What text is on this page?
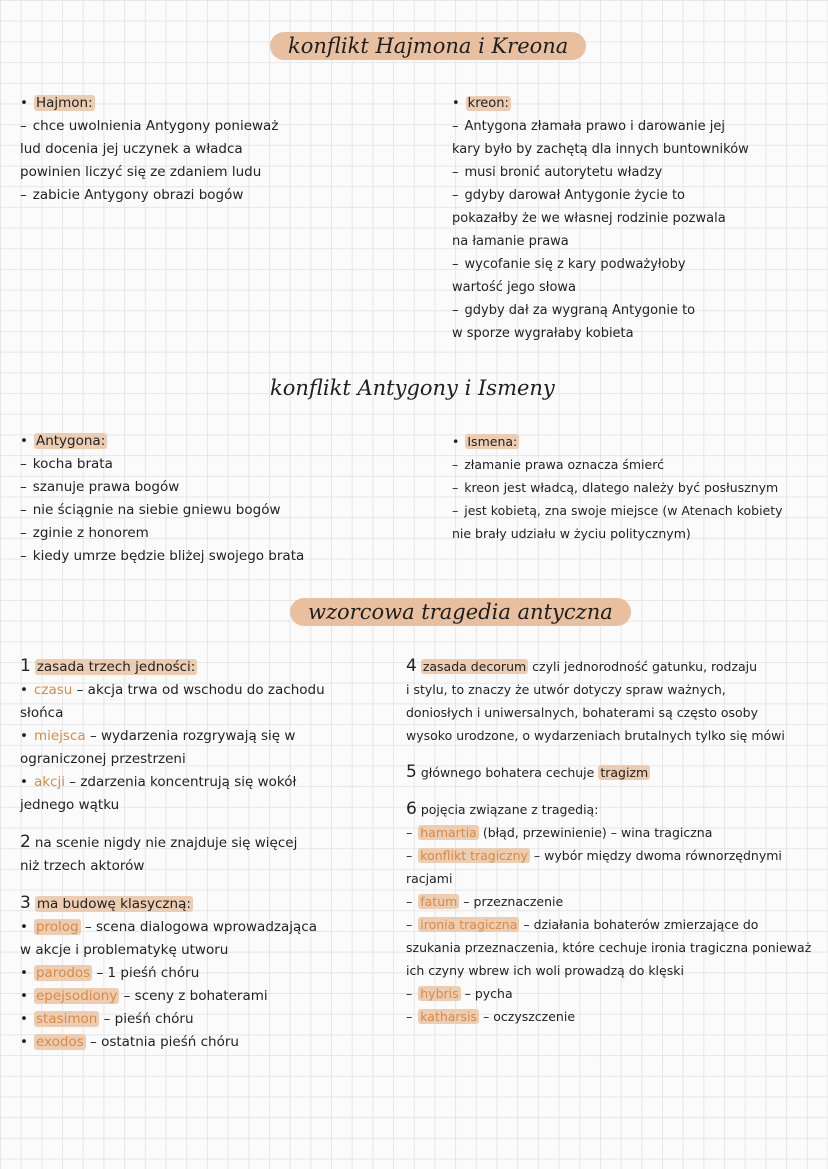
konflikt Hajmona i Kreona
konflikt Antygony i Ismeny
wzorcowa tragedia antyczna
• Hajmon:
– chce uwolnienia Antygony ponieważ
lud docenia jej uczynek a władca
powinien liczyć się ze zdaniem ludu
– zabicie Antygony obrazi bogów
• kreon:
– Antygona złamała prawo i darowanie jej
kary było by zachętą dla innych buntowników
– musi bronić autorytetu władzy
– gdyby darował Antygonie życie to
pokazałby że we własnej rodzinie pozwala
na łamanie prawa
– wycofanie się z kary podważyłoby
wartość jego słowa
– gdyby dał za wygraną Antygonie to
w sporze wygrałaby kobieta
• Antygona:
– kocha brata
– szanuje prawa bogów
– nie ściągnie na siebie gniewu bogów
– zginie z honorem
– kiedy umrze będzie bliżej swojego brata
• Ismena:
– złamanie prawa oznacza śmierć
– kreon jest władcą, dlatego należy być posłusznym
– jest kobietą, zna swoje miejsce (w Atenach kobiety
nie brały udziału w życiu politycznym)
1 zasada trzech jedności:
• czasu – akcja trwa od wschodu do zachodu
słońca
• miejsca – wydarzenia rozgrywają się w
ograniczonej przestrzeni
• akcji – zdarzenia koncentrują się wokół
jednego wątku
2 na scenie nigdy nie znajduje się więcej
niż trzech aktorów
3 ma budowę klasyczną:
• prolog – scena dialogowa wprowadzająca
w akcje i problematykę utworu
• parodos – 1 pieśń chóru
• epejsodiony – sceny z bohaterami
• stasimon – pieśń chóru
• exodos – ostatnia pieśń chóru
4 zasada decorum czyli jednorodność gatunku, rodzaju
i stylu, to znaczy że utwór dotyczy spraw ważnych,
doniosłych i uniwersalnych, bohaterami są często osoby
wysoko urodzone, o wydarzeniach brutalnych tylko się mówi
5 głównego bohatera cechuje tragizm
6 pojęcia związane z tragedią:
– hamartia (błąd, przewinienie) – wina tragiczna
– konflikt tragiczny – wybór między dwoma równorzędnymi
racjami
– fatum – przeznaczenie
– ironia tragiczna – działania bohaterów zmierzające do
szukania przeznaczenia, które cechuje ironia tragiczna ponieważ
ich czyny wbrew ich woli prowadzą do klęski
– hybris – pycha
– katharsis – oczyszczenie
